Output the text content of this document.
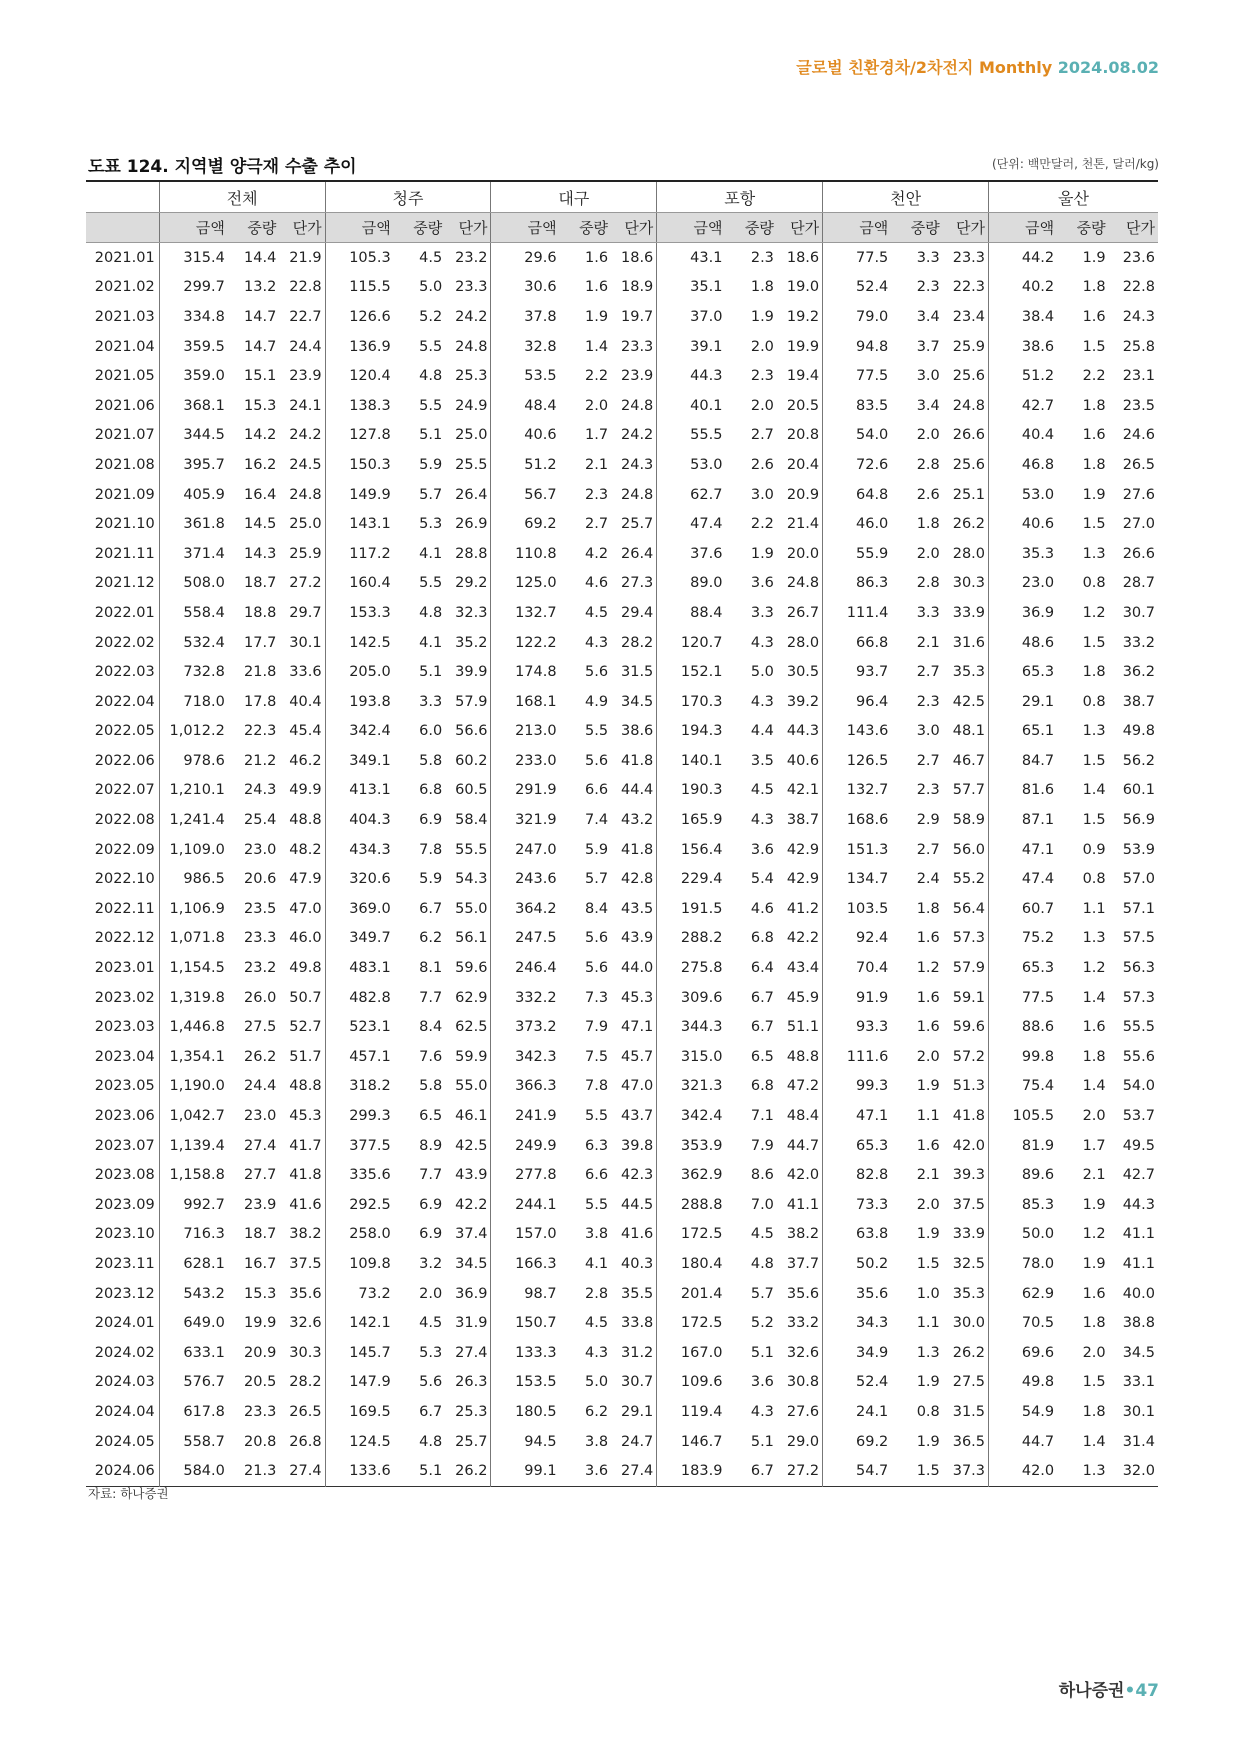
글로벌 친환경차/2차전지 Monthly 2024.08.02
도표 124. 지역별 양극재 수출 추이	(단위: 백만달러, 천톤, 달러/kg)
	전체			청주			대구			포항			천안			울산		
	금액	중량	단가	금액	중량	단가	금액	중량	단가	금액	중량	단가	금액	중량	단가	금액	중량	단가
2021.01	315.4	14.4	21.9	105.3	4.5	23.2	29.6	1.6	18.6	43.1	2.3	18.6	77.5	3.3	23.3	44.2	1.9	23.6
2021.02	299.7	13.2	22.8	115.5	5.0	23.3	30.6	1.6	18.9	35.1	1.8	19.0	52.4	2.3	22.3	40.2	1.8	22.8
2021.03	334.8	14.7	22.7	126.6	5.2	24.2	37.8	1.9	19.7	37.0	1.9	19.2	79.0	3.4	23.4	38.4	1.6	24.3
2021.04	359.5	14.7	24.4	136.9	5.5	24.8	32.8	1.4	23.3	39.1	2.0	19.9	94.8	3.7	25.9	38.6	1.5	25.8
2021.05	359.0	15.1	23.9	120.4	4.8	25.3	53.5	2.2	23.9	44.3	2.3	19.4	77.5	3.0	25.6	51.2	2.2	23.1
2021.06	368.1	15.3	24.1	138.3	5.5	24.9	48.4	2.0	24.8	40.1	2.0	20.5	83.5	3.4	24.8	42.7	1.8	23.5
2021.07	344.5	14.2	24.2	127.8	5.1	25.0	40.6	1.7	24.2	55.5	2.7	20.8	54.0	2.0	26.6	40.4	1.6	24.6
2021.08	395.7	16.2	24.5	150.3	5.9	25.5	51.2	2.1	24.3	53.0	2.6	20.4	72.6	2.8	25.6	46.8	1.8	26.5
2021.09	405.9	16.4	24.8	149.9	5.7	26.4	56.7	2.3	24.8	62.7	3.0	20.9	64.8	2.6	25.1	53.0	1.9	27.6
2021.10	361.8	14.5	25.0	143.1	5.3	26.9	69.2	2.7	25.7	47.4	2.2	21.4	46.0	1.8	26.2	40.6	1.5	27.0
2021.11	371.4	14.3	25.9	117.2	4.1	28.8	110.8	4.2	26.4	37.6	1.9	20.0	55.9	2.0	28.0	35.3	1.3	26.6
2021.12	508.0	18.7	27.2	160.4	5.5	29.2	125.0	4.6	27.3	89.0	3.6	24.8	86.3	2.8	30.3	23.0	0.8	28.7
2022.01	558.4	18.8	29.7	153.3	4.8	32.3	132.7	4.5	29.4	88.4	3.3	26.7	111.4	3.3	33.9	36.9	1.2	30.7
2022.02	532.4	17.7	30.1	142.5	4.1	35.2	122.2	4.3	28.2	120.7	4.3	28.0	66.8	2.1	31.6	48.6	1.5	33.2
2022.03	732.8	21.8	33.6	205.0	5.1	39.9	174.8	5.6	31.5	152.1	5.0	30.5	93.7	2.7	35.3	65.3	1.8	36.2
2022.04	718.0	17.8	40.4	193.8	3.3	57.9	168.1	4.9	34.5	170.3	4.3	39.2	96.4	2.3	42.5	29.1	0.8	38.7
2022.05	1,012.2	22.3	45.4	342.4	6.0	56.6	213.0	5.5	38.6	194.3	4.4	44.3	143.6	3.0	48.1	65.1	1.3	49.8
2022.06	978.6	21.2	46.2	349.1	5.8	60.2	233.0	5.6	41.8	140.1	3.5	40.6	126.5	2.7	46.7	84.7	1.5	56.2
2022.07	1,210.1	24.3	49.9	413.1	6.8	60.5	291.9	6.6	44.4	190.3	4.5	42.1	132.7	2.3	57.7	81.6	1.4	60.1
2022.08	1,241.4	25.4	48.8	404.3	6.9	58.4	321.9	7.4	43.2	165.9	4.3	38.7	168.6	2.9	58.9	87.1	1.5	56.9
2022.09	1,109.0	23.0	48.2	434.3	7.8	55.5	247.0	5.9	41.8	156.4	3.6	42.9	151.3	2.7	56.0	47.1	0.9	53.9
2022.10	986.5	20.6	47.9	320.6	5.9	54.3	243.6	5.7	42.8	229.4	5.4	42.9	134.7	2.4	55.2	47.4	0.8	57.0
2022.11	1,106.9	23.5	47.0	369.0	6.7	55.0	364.2	8.4	43.5	191.5	4.6	41.2	103.5	1.8	56.4	60.7	1.1	57.1
2022.12	1,071.8	23.3	46.0	349.7	6.2	56.1	247.5	5.6	43.9	288.2	6.8	42.2	92.4	1.6	57.3	75.2	1.3	57.5
2023.01	1,154.5	23.2	49.8	483.1	8.1	59.6	246.4	5.6	44.0	275.8	6.4	43.4	70.4	1.2	57.9	65.3	1.2	56.3
2023.02	1,319.8	26.0	50.7	482.8	7.7	62.9	332.2	7.3	45.3	309.6	6.7	45.9	91.9	1.6	59.1	77.5	1.4	57.3
2023.03	1,446.8	27.5	52.7	523.1	8.4	62.5	373.2	7.9	47.1	344.3	6.7	51.1	93.3	1.6	59.6	88.6	1.6	55.5
2023.04	1,354.1	26.2	51.7	457.1	7.6	59.9	342.3	7.5	45.7	315.0	6.5	48.8	111.6	2.0	57.2	99.8	1.8	55.6
2023.05	1,190.0	24.4	48.8	318.2	5.8	55.0	366.3	7.8	47.0	321.3	6.8	47.2	99.3	1.9	51.3	75.4	1.4	54.0
2023.06	1,042.7	23.0	45.3	299.3	6.5	46.1	241.9	5.5	43.7	342.4	7.1	48.4	47.1	1.1	41.8	105.5	2.0	53.7
2023.07	1,139.4	27.4	41.7	377.5	8.9	42.5	249.9	6.3	39.8	353.9	7.9	44.7	65.3	1.6	42.0	81.9	1.7	49.5
2023.08	1,158.8	27.7	41.8	335.6	7.7	43.9	277.8	6.6	42.3	362.9	8.6	42.0	82.8	2.1	39.3	89.6	2.1	42.7
2023.09	992.7	23.9	41.6	292.5	6.9	42.2	244.1	5.5	44.5	288.8	7.0	41.1	73.3	2.0	37.5	85.3	1.9	44.3
2023.10	716.3	18.7	38.2	258.0	6.9	37.4	157.0	3.8	41.6	172.5	4.5	38.2	63.8	1.9	33.9	50.0	1.2	41.1
2023.11	628.1	16.7	37.5	109.8	3.2	34.5	166.3	4.1	40.3	180.4	4.8	37.7	50.2	1.5	32.5	78.0	1.9	41.1
2023.12	543.2	15.3	35.6	73.2	2.0	36.9	98.7	2.8	35.5	201.4	5.7	35.6	35.6	1.0	35.3	62.9	1.6	40.0
2024.01	649.0	19.9	32.6	142.1	4.5	31.9	150.7	4.5	33.8	172.5	5.2	33.2	34.3	1.1	30.0	70.5	1.8	38.8
2024.02	633.1	20.9	30.3	145.7	5.3	27.4	133.3	4.3	31.2	167.0	5.1	32.6	34.9	1.3	26.2	69.6	2.0	34.5
2024.03	576.7	20.5	28.2	147.9	5.6	26.3	153.5	5.0	30.7	109.6	3.6	30.8	52.4	1.9	27.5	49.8	1.5	33.1
2024.04	617.8	23.3	26.5	169.5	6.7	25.3	180.5	6.2	29.1	119.4	4.3	27.6	24.1	0.8	31.5	54.9	1.8	30.1
2024.05	558.7	20.8	26.8	124.5	4.8	25.7	94.5	3.8	24.7	146.7	5.1	29.0	69.2	1.9	36.5	44.7	1.4	31.4
2024.06	584.0	21.3	27.4	133.6	5.1	26.2	99.1	3.6	27.4	183.9	6.7	27.2	54.7	1.5	37.3	42.0	1.3	32.0
자료: 하나증권
하나증권•47
